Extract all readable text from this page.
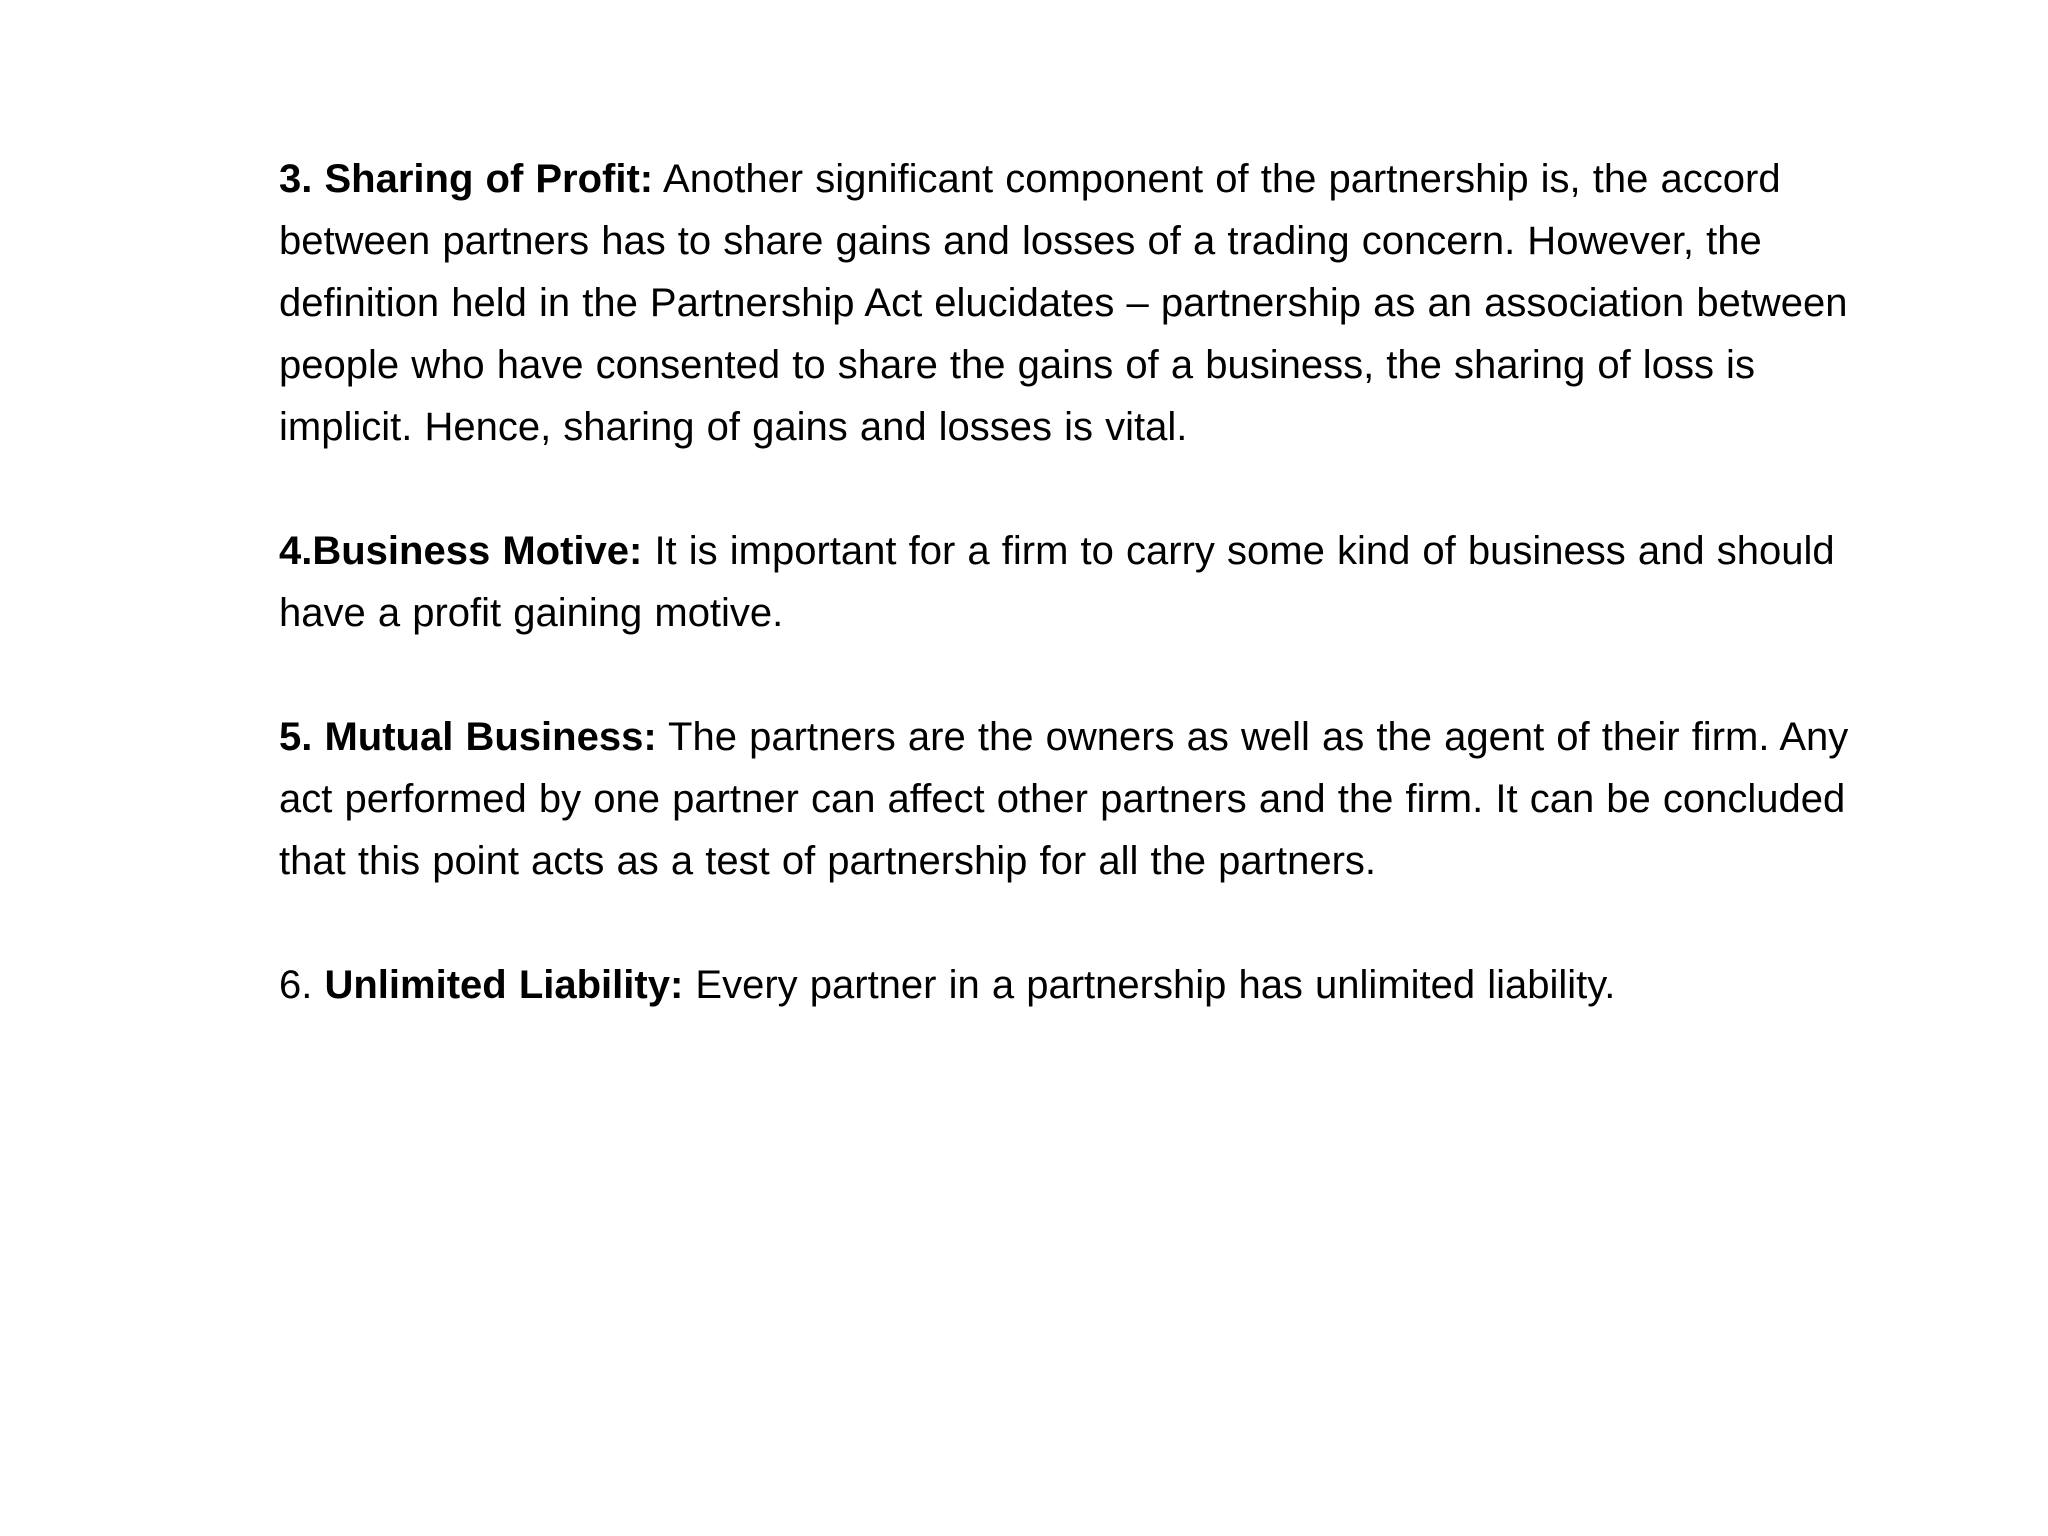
3. Sharing of Profit: Another significant component of the partnership is, the accord between partners has to share gains and losses of a trading concern. However, the definition held in the Partnership Act elucidates – partnership as an association between people who have consented to share the gains of a business, the sharing of loss is implicit. Hence, sharing of gains and losses is vital.

4.Business Motive: It is important for a firm to carry some kind of business and should have a profit gaining motive.

5. Mutual Business: The partners are the owners as well as the agent of their firm. Any act performed by one partner can affect other partners and the firm. It can be concluded that this point acts as a test of partnership for all the partners.

6. Unlimited Liability: Every partner in a partnership has unlimited liability.
